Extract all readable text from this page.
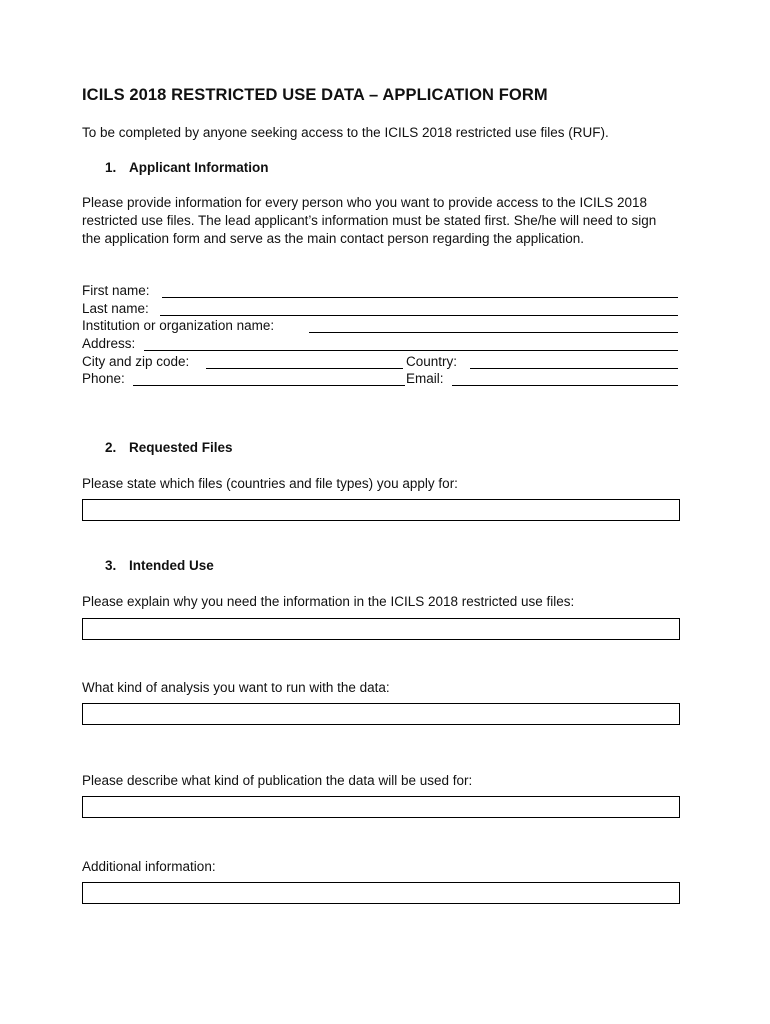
ICILS 2018 RESTRICTED USE DATA – APPLICATION FORM
To be completed by anyone seeking access to the ICILS 2018 restricted use files (RUF).
1. Applicant Information
Please provide information for every person who you want to provide access to the ICILS 2018 restricted use files. The lead applicant’s information must be stated first. She/he will need to sign the application form and serve as the main contact person regarding the application.
First name:
Last name:
Institution or organization name:
Address:
City and zip code:	Country:
Phone:	Email:
2. Requested Files
Please state which files (countries and file types) you apply for:
3. Intended Use
Please explain why you need the information in the ICILS 2018 restricted use files:
What kind of analysis you want to run with the data:
Please describe what kind of publication the data will be used for:
Additional information:
